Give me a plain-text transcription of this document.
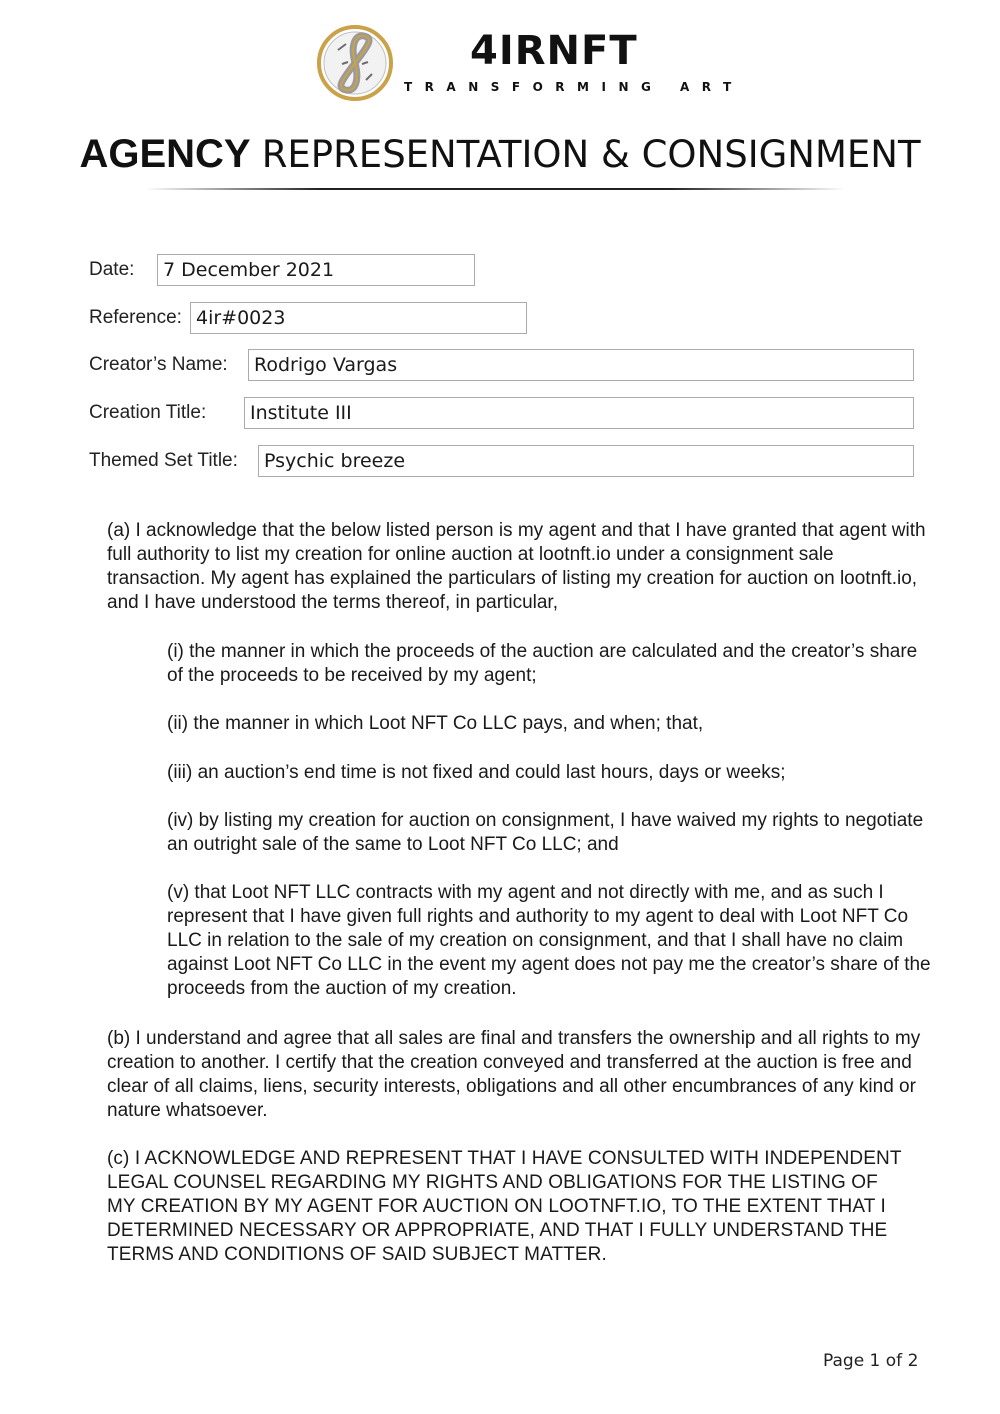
4IRNFT
TRANSFORMING ART
AGENCY REPRESENTATION & CONSIGNMENT
Date:	7 December 2021
Reference: 4ir#0023
Creator’s Name:	Rodrigo Vargas
Creation Title:	Institute III
Themed Set Title:	Psychic breeze

(a) I acknowledge that the below listed person is my agent and that I have granted that agent with full authority to list my creation for online auction at lootnft.io under a consignment sale transaction. My agent has explained the particulars of listing my creation for auction on lootnft.io, and I have understood the terms thereof, in particular,

(i) the manner in which the proceeds of the auction are calculated and the creator’s share of the proceeds to be received by my agent;

(ii) the manner in which Loot NFT Co LLC pays, and when; that,

(iii) an auction’s end time is not fixed and could last hours, days or weeks;

(iv) by listing my creation for auction on consignment, I have waived my rights to negotiate an outright sale of the same to Loot NFT Co LLC; and

(v) that Loot NFT LLC contracts with my agent and not directly with me, and as such I represent that I have given full rights and authority to my agent to deal with Loot NFT Co LLC in relation to the sale of my creation on consignment, and that I shall have no claim against Loot NFT Co LLC in the event my agent does not pay me the creator’s share of the proceeds from the auction of my creation.

(b) I understand and agree that all sales are final and transfers the ownership and all rights to my creation to another. I certify that the creation conveyed and transferred at the auction is free and clear of all claims, liens, security interests, obligations and all other encumbrances of any kind or nature whatsoever.

(c) I ACKNOWLEDGE AND REPRESENT THAT I HAVE CONSULTED WITH INDEPENDENT LEGAL COUNSEL REGARDING MY RIGHTS AND OBLIGATIONS FOR THE LISTING OF MY CREATION BY MY AGENT FOR AUCTION ON LOOTNFT.IO, TO THE EXTENT THAT I DETERMINED NECESSARY OR APPROPRIATE, AND THAT I FULLY UNDERSTAND THE TERMS AND CONDITIONS OF SAID SUBJECT MATTER.

Page 1 of 2
